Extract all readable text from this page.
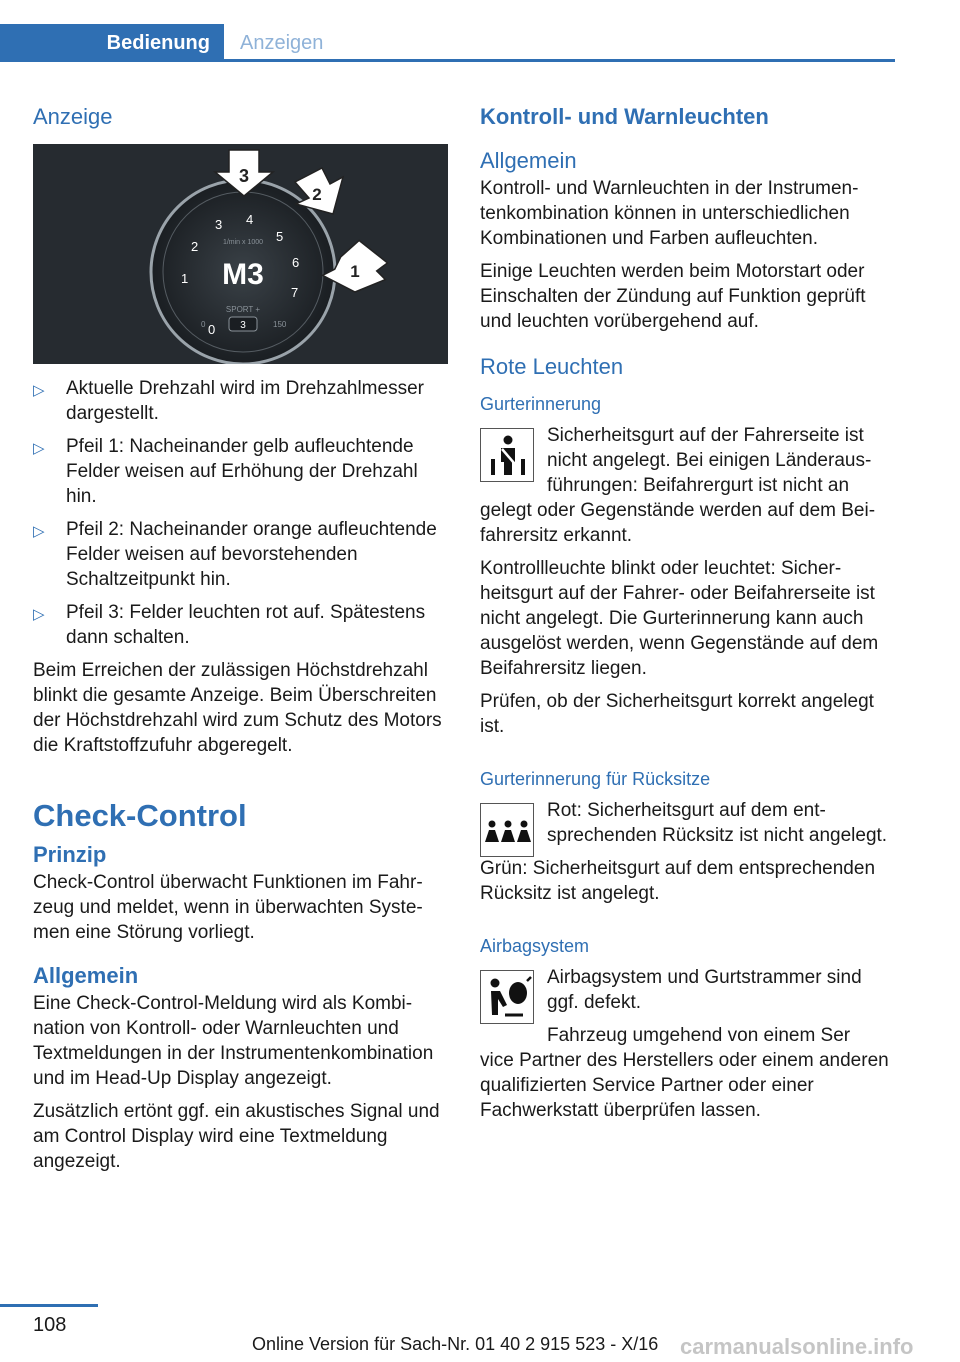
Bedienung	Anzeigen
Anzeige
0
1
2
3 4
5
6
7
1/min x 1000
M3
SPORT +
3
0	150
3
2
1
▷ Aktuelle Drehzahl wird im Drehzahlmesser dargestellt.
▷ Pfeil 1: Nacheinander gelb aufleuchtende Felder weisen auf Erhöhung der Drehzahl hin.
▷ Pfeil 2: Nacheinander orange aufleuchtende Felder weisen auf bevorstehenden Schaltzeitpunkt hin.
▷ Pfeil 3: Felder leuchten rot auf. Spätestens dann schalten.

Beim Erreichen der zulässigen Höchstdrehzahl blinkt die gesamte Anzeige. Beim Überschreiten der Höchstdrehzahl wird zum Schutz des Motors die Kraftstoffzufuhr abgeregelt.

Check-Control
Prinzip

Check-Control überwacht Funktionen im Fahrzeug und meldet, wenn in überwachten Systemen eine Störung vorliegt.

Allgemein

Eine Check-Control-Meldung wird als Kombination von Kontroll- oder Warnleuchten und Textmeldungen in der Instrumentenkombination und im Head-Up Display angezeigt.

Zusätzlich ertönt ggf. ein akustisches Signal und am Control Display wird eine Textmeldung angezeigt.

Kontroll- und Warnleuchten
Allgemein

Kontroll- und Warnleuchten in der Instrumentenkombination können in unterschiedlichen Kombinationen und Farben aufleuchten.

Einige Leuchten werden beim Motorstart oder Einschalten der Zündung auf Funktion geprüft und leuchten vorübergehend auf.

Rote Leuchten
Gurterinnerung

Sicherheitsgurt auf der Fahrerseite ist nicht angelegt. Bei einigen Länderausführungen: Beifahrergurt ist nicht an

gelegt oder Gegenstände werden auf dem Beifahrersitz erkannt.

Kontrollleuchte blinkt oder leuchtet: Sicherheitsgurt auf der Fahrer- oder Beifahrerseite ist nicht angelegt. Die Gurterinnerung kann auch ausgelöst werden, wenn Gegenstände auf dem Beifahrersitz liegen.

Prüfen, ob der Sicherheitsgurt korrekt angelegt ist.

Gurterinnerung für Rücksitze

Rot: Sicherheitsgurt auf dem entsprechenden Rücksitz ist nicht angelegt.

Grün: Sicherheitsgurt auf dem entsprechenden Rücksitz ist angelegt.

Airbagsystem

Airbagsystem und Gurtstrammer sind ggf. defekt.

Fahrzeug umgehend von einem Ser

vice Partner des Herstellers oder einem anderen qualifizierten Service Partner oder einer Fachwerkstatt überprüfen lassen.

108
Online Version für Sach-Nr. 01 40 2 915 523 - X/16 carmanualsonline.info
